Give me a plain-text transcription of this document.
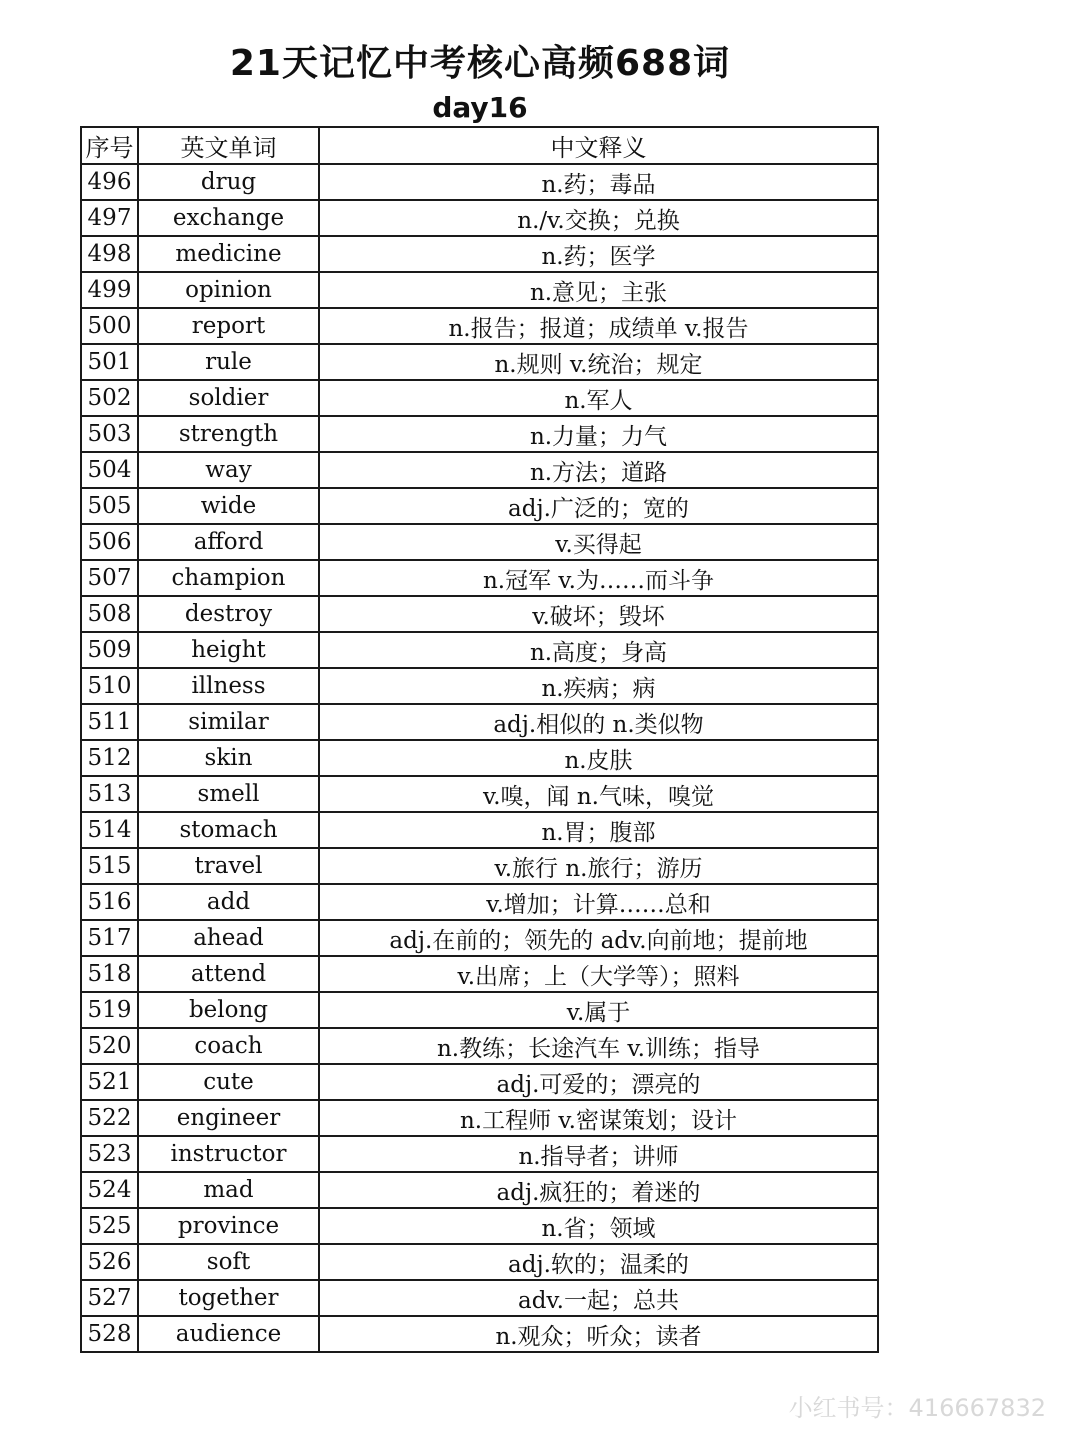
21天记忆中考核心高频688词
day16
序号	英文单词	中文释义
496	drug	n.药；毒品
497	exchange	n./v.交换；兑换
498	medicine	n.药；医学
499	opinion	n.意见；主张
500	report	n.报告；报道；成绩单 v.报告
501	rule	n.规则 v.统治；规定
502	soldier	n.军人
503	strength	n.力量；力气
504	way	n.方法；道路
505	wide	adj.广泛的；宽的
506	afford	v.买得起
507	champion	n.冠军 v.为……而斗争
508	destroy	v.破坏；毁坏
509	height	n.高度；身高
510	illness	n.疾病；病
511	similar	adj.相似的 n.类似物
512	skin	n.皮肤
513	smell	v.嗅，闻 n.气味，嗅觉
514	stomach	n.胃；腹部
515	travel	v.旅行 n.旅行；游历
516	add	v.增加；计算……总和
517	ahead	adj.在前的；领先的 adv.向前地；提前地
518	attend	v.出席；上（大学等）；照料
519	belong	v.属于
520	coach	n.教练；长途汽车 v.训练；指导
521	cute	adj.可爱的；漂亮的
522	engineer	n.工程师 v.密谋策划；设计
523	instructor	n.指导者；讲师
524	mad	adj.疯狂的；着迷的
525	province	n.省；领域
526	soft	adj.软的；温柔的
527	together	adv.一起；总共
528	audience	n.观众；听众；读者
小红书号：416667832
